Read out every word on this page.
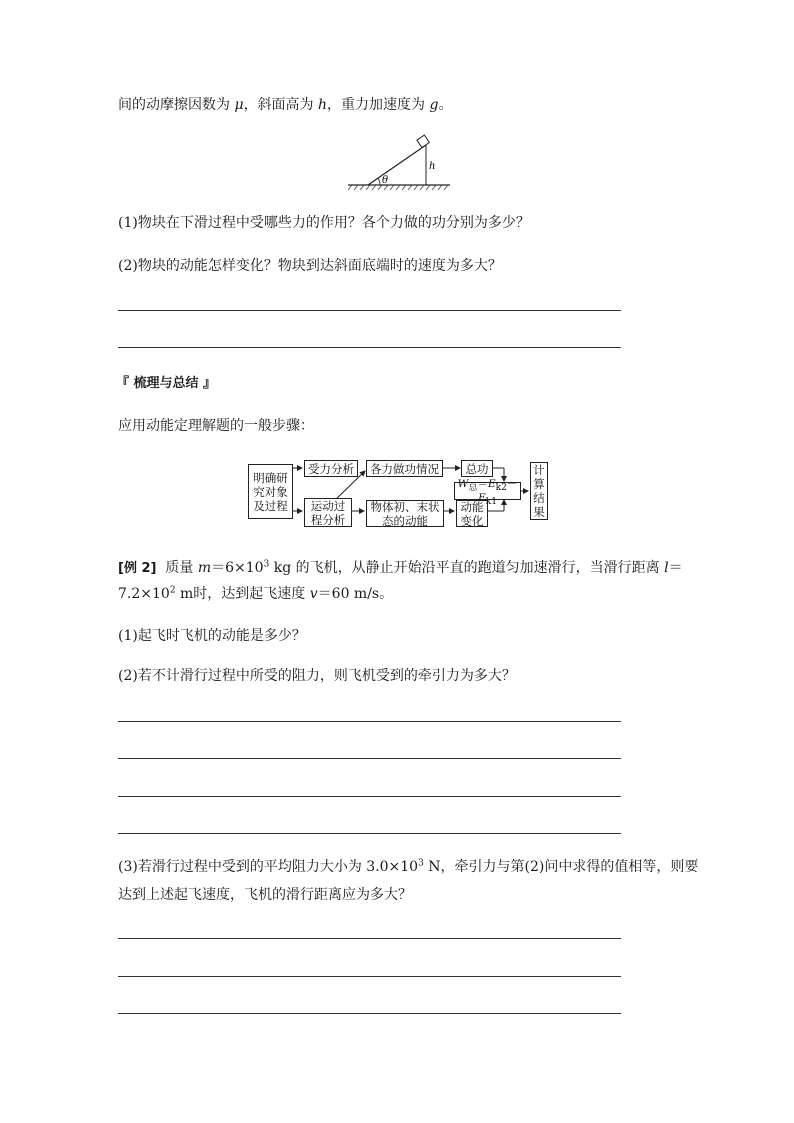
间的动摩擦因数为 μ，斜面高为 h，重力加速度为 g。
θ
h
(1)物块在下滑过程中受哪些力的作用？各个力做的功分别为多少？
(2)物块的动能怎样变化？物块到达斜面底端时的速度为多大？
『 梳理与总结 』
应用动能定理解题的一般步骤：
明确研
究对象
及过程
受力分析 各力做功情况 总功
运动过
程分析
物体初、末状
态的动能
动能
变化
$W_总=E_{k2}-E_{k1}$
计
算
结
果
[例 2] 质量 $m=6\times 10^3$ kg 的飞机，从静止开始沿平直的跑道匀加速滑行，当滑行距离 l＝
$7.2\times 10^2$ m时，达到起飞速度 v＝60 m/s。
(1)起飞时飞机的动能是多少？
(2)若不计滑行过程中所受的阻力，则飞机受到的牵引力为多大？
(3)若滑行过程中受到的平均阻力大小为 $3.0\times 10^3$ N，牵引力与第(2)问中求得的值相等，则要
达到上述起飞速度，飞机的滑行距离应为多大？
